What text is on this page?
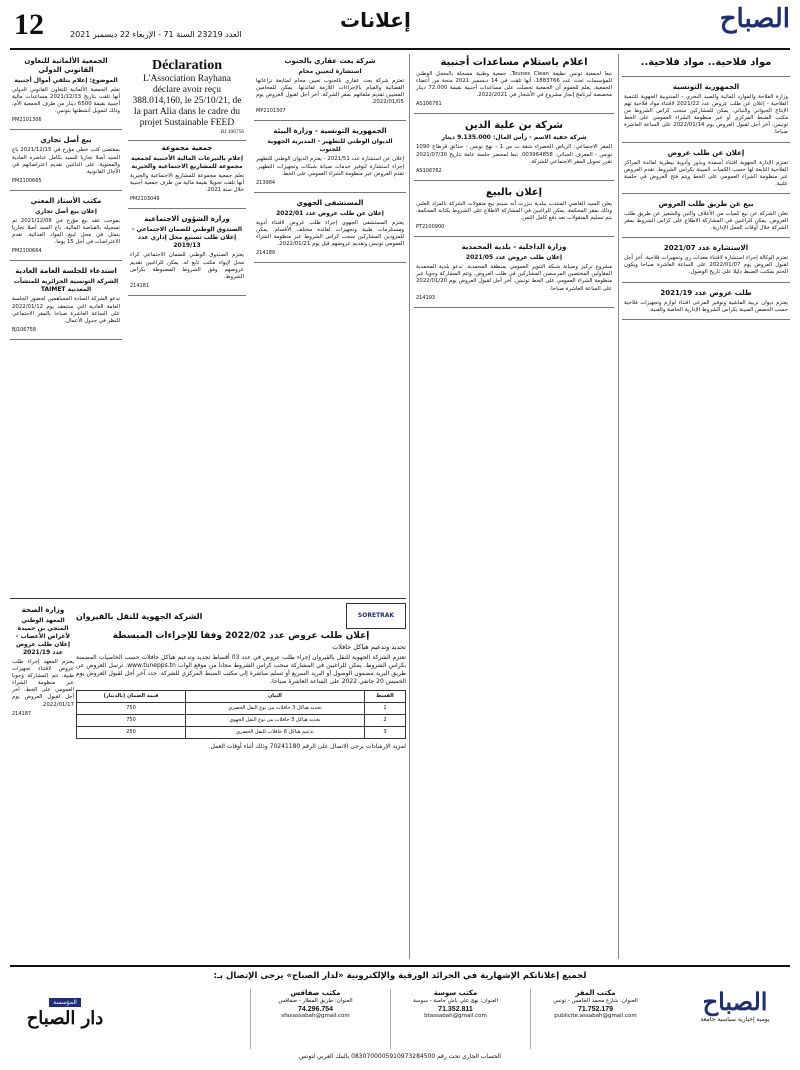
12	العدد 23219 السنة 71 - الإربعاء 22 ديسمبر 2021
إعلانات	الصباح
مواد فلاحية.. مواد فلاحية..
الجمهورية التونسية

وزارة الفلاحة والموارد المائية والصيد البحري - المندوبية الجهوية للتنمية الفلاحية - إعلان عن طلب عروض عدد 2021/22 لاقتناء مواد فلاحية تهم الإنتاج الحيواني والنباتي. يمكن للمشاركين سحب كراس الشروط من مكتب الضبط المركزي أو عبر منظومة الشراء العمومي على الخط تونبس. آخر أجل لقبول العروض يوم 2022/01/14 على الساعة العاشرة صباحا.

إعلان عن طلب عروض

تعتزم الإدارة الجهوية اقتناء أسمدة وبذور وأدوية بيطرية لفائدة المراكز الفلاحية التابعة لها حسب الكميات المبينة بكراس الشروط. تقدم العروض عبر منظومة الشراء العمومي على الخط ويتم فتح العروض في جلسة علنية.

بيع عن طريق طلب العروض

تعلن الشركة عن بيع كميات من الأعلاف والتبن والشعير عن طريق طلب العروض. يمكن للراغبين في المشاركة الاطلاع على كراس الشروط بمقر الشركة خلال أوقات العمل الإدارية.

الاستشارة عدد 2021/07

تعتزم الوكالة إجراء استشارة لاقتناء معدات ري وتجهيزات فلاحية. آخر أجل لقبول العروض يوم 2022/01/07 على الساعة العاشرة صباحا ويكون الختم بمكتب الضبط دليلا على تاريخ الوصول.

طلب عروض عدد 2021/19

يعتزم ديوان تربية الماشية وتوفير المرعى اقتناء لوازم وتجهيزات فلاحية حسب الحصص المبينة بكراس الشروط الإدارية الخاصة والفنية.

اعلام باستلام مساعدات أجنبية

تبعا لجمعية تونس نظيفة Tounes Clean، جمعية وطنية مسجلة بالسجل الوطني للمؤسسات تحت عدد 1883766، أنها تلقت في 14 ديسمبر 2021 منحة من أعضاء الجمعية. يعلم للعموم أن الجمعية تحصلت على مساعدات أجنبية بقيمة 72.000 دينار مخصصة لبرنامج إنجاز مشروع في الأشجار في 2022/2021.

AS106761
شركة بن علية الدين
شركة خفية الاسم - رأس المال: 9.135.000 دينار

المقر الاجتماعي: الرياض الخضراء شقة ب س 1 - نهج تونس - حدائق قرطاج 1090 تونس - المعرف الجبائي: 003964858. تبعا لمحضر جلسة عامة بتاريخ 2021/07/30 تقرر تحويل المقر الاجتماعي للشركة.

AS106762
إعلان بالبيع

يعلن السيد القاضي المنتدب ببلدية بنزرت أنه سيتم بيع منقولات الشركة بالمزاد العلني وذلك بمقر المحكمة. يمكن للراغبين في المشاركة الاطلاع على الشروط بكتابة المحكمة. يتم تسليم المنقولات بعد دفع كامل الثمن.

PT2100900
وزارة الداخلية - بلدية المحمدية
إعلان طلب عروض عدد 2021/05

مشروع تركيز وصيانة شبكة التنوير العمومي بمنطقة المحمدية. تدعو بلدية المحمدية المقاولين المختصين المرسمين المشاركين في طلب العروض. وتتم المشاركة وجوبا عبر منظومة الشراء العمومي على الخط تونبس. آخر أجل لقبول العروض يوم 2022/01/20 على الساعة العاشرة صباحا.

214193
شركة بعث عقاري بالجنوب
استشارة لتعيين محام

تعتزم شركة بعث عقاري بالجنوب تعيين محام لمتابعة نزاعاتها القضائية والقيام بالإجراءات اللازمة لفائدتها. يمكن للمحامين المعنيين تقديم ملفاتهم بمقر الشركة. آخر أجل لقبول العروض يوم 2022/01/05.

MP2101307
الجمهورية التونسية - وزارة البيئة
الديوان الوطني للتطهير - المديرية الجهوية للجنوب

إعلان عن استشارة عدد 2021/51 - يعتزم الديوان الوطني للتطهير إجراء استشارة لتوفير خدمات صيانة شبكات وتجهيزات التطهير. تقدم العروض عبر منظومة الشراء العمومي على الخط.

213984
المستشفى الجهوي
إعلان عن طلب عروض عدد 2022/01

يعتزم المستشفى الجهوي إجراء طلب عروض لاقتناء أدوية ومستلزمات طبية وتجهيزات لفائدة مختلف الأقسام. يمكن للمزودين المشاركين سحب كراس الشروط عبر منظومة الشراء العمومي تونبس وتقديم عروضهم قبل يوم 2022/01/21.

214189
Déclaration

L'Association Rayhana déclare avoir reçu 388.014,160, le 25/10/21, de la part Alia dans le cadre du projet Sustainable FEED

BJ 106756
جمعية مجموعة
إعلام بالتبرعات المالية الأجنبية لجمعية مجموعة للمشاريع الاجتماعية والخيرية

تعلم جمعية مجموعة للمشاريع الاجتماعية والخيرية أنها تلقت تحويلا بقيمة مالية من طرف جمعية أجنبية خلال سنة 2021.

PM2103049
وزارة الشؤون الاجتماعية
الصندوق الوطني للضمان الاجتماعي - إعلان طلب تسبيع محل إداري عدد 2019/13

يعتزم الصندوق الوطني للضمان الاجتماعي كراء محل لإيواء مكتب تابع له. يمكن للراغبين تقديم عروضهم وفق الشروط المضبوطة بكراس الشروط.

214181
الجمعية الألمانية للتعاون القانوني الدولي
الموضوع: إعلام بتلقي أموال أجنبية

تعلم الجمعية الألمانية للتعاون القانوني الدولي أنها تلقت بتاريخ 2021/12/13 مساعدات مالية أجنبية بقيمة 6500 دينار من طرف الجمعية الأم، وذلك لتمويل أنشطتها بتونس.

PM2101306
بيع أصل تجاري

بمقتضى كتب خطي مؤرخ في 2021/12/15 باع السيد أصلا تجاريا للسيد بكامل عناصره المادية والمعنوية. على الدائنين تقديم اعتراضاتهم في الآجال القانونية.

PM2100665
مكتب الأستاذ المعني
إعلان بيع أصل تجاري

بموجب عقد بيع مؤرخ في 2021/12/08 تم تسجيله بالقباضة المالية، باع السيد أصلا تجاريا يتمثل في محل لبيع المواد الغذائية. تقدم الاعتراضات في أجل 15 يوما.

PM2100664
استدعاء للجلسة العامة العادية
الشركة التونسية الجزائرية للمنشآت المعدنية TAIMET

تدعو الشركة السادة المساهمين لحضور الجلسة العامة العادية التي ستنعقد يوم 2022/01/12 على الساعة العاشرة صباحا بالمقر الاجتماعي للنظر في جدول الأعمال.

BJ106758
SORETRAK
الشركة الجهوية للنقل بالقيروان
إعلان طلب عروض عدد 2022/02 وفقا للإجراءات المبسطة
تجديد وتدعيم هياكل حافلات

تعتزم الشركة الجهوية للنقل بالقيروان إجراء طلب عروض في عدد 03 أقساط تجديد وتدعيم هياكل حافلات حسب الخاصيات المضمنة بكراس الشروط. يمكن للراغبين في المشاركة سحب كراس الشروط مجانا من موقع الواب www.tunepps.tn. ترسل العروض عن طريق البريد مضمون الوصول أو البريد السريع أو تسلم مباشرة إلى مكتب الضبط المركزي للشركة. حدد آخر أجل لقبول العروض يوم الخميس 20 جانفي 2022 على الساعة العاشرة صباحا.

القسط	البيان	قيمة الضمان (بالدينار)
1	تجديد هياكل 3 حافلات من نوع النقل الحضري	750
2	تجديد هياكل 3 حافلات من نوع النقل الجهوي	750
3	تدعيم هياكل 6 حافلات للنقل الحضري	250

لمزيد الإرشادات يرجى الاتصال على الرقم 70241180 وذلك أثناء أوقات العمل.

وزارة الصحة
المعهد الوطني المنجي بن حميدة لأعراض الأعصاب - إعلان طلب عروض عدد 2021/19

يعتزم المعهد إجراء طلب عروض لاقتناء تجهيزات طبية. تتم المشاركة وجوبا عبر منظومة الشراء العمومي على الخط. آخر أجل لقبول العروض يوم 2022/01/17.

214187
لجميع إعلاناتكم الإشهارية في الجرائد الورقية والإلكترونية «لدار الصباح» يرجى الإتصال بـ:
الصباح
يومية إخبارية سياسية جامعة
مكتب المقر
العنوان: شارع محمد الخامس - تونس
71.752.179
publicite.assabah@gmail.com
مكتب سوسة
العنوان: نهج علي باش حامبة - سوسة
71.352.811
btassabah@gmail.com
مكتب صفاقس
العنوان: طريق المطار - صفاقس
74.296.754
sfaxassabah@gmail.com
المؤسسة
دار الصباح
الحساب الجاري تحت رقم 0830700005910973284500 بالبنك العربي لتونس
